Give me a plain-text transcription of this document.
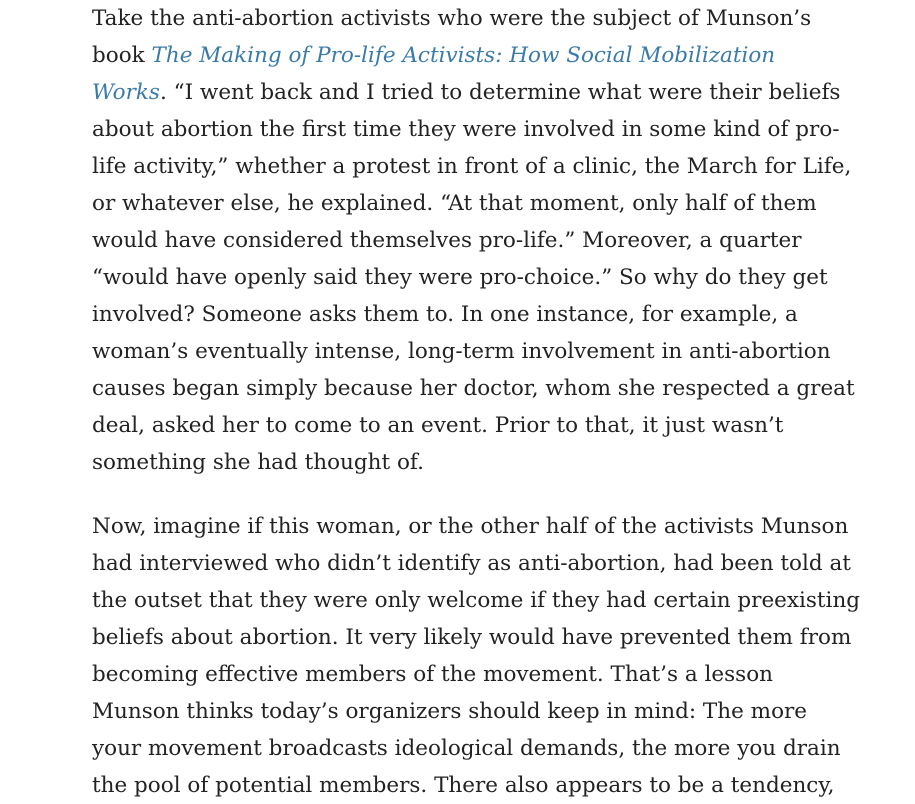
Take the anti-abortion activists who were the subject of Munson’s
book The Making of Pro-life Activists: How Social Mobilization
Works. “I went back and I tried to determine what were their beliefs
about abortion the first time they were involved in some kind of pro-
life activity,” whether a protest in front of a clinic, the March for Life,
or whatever else, he explained. “At that moment, only half of them
would have considered themselves pro-life.” Moreover, a quarter
“would have openly said they were pro-choice.” So why do they get
involved? Someone asks them to. In one instance, for example, a
woman’s eventually intense, long-term involvement in anti-abortion
causes began simply because her doctor, whom she respected a great
deal, asked her to come to an event. Prior to that, it just wasn’t
something she had thought of.

Now, imagine if this woman, or the other half of the activists Munson
had interviewed who didn’t identify as anti-abortion, had been told at
the outset that they were only welcome if they had certain preexisting
beliefs about abortion. It very likely would have prevented them from
becoming effective members of the movement. That’s a lesson
Munson thinks today’s organizers should keep in mind: The more
your movement broadcasts ideological demands, the more you drain
the pool of potential members. There also appears to be a tendency,
